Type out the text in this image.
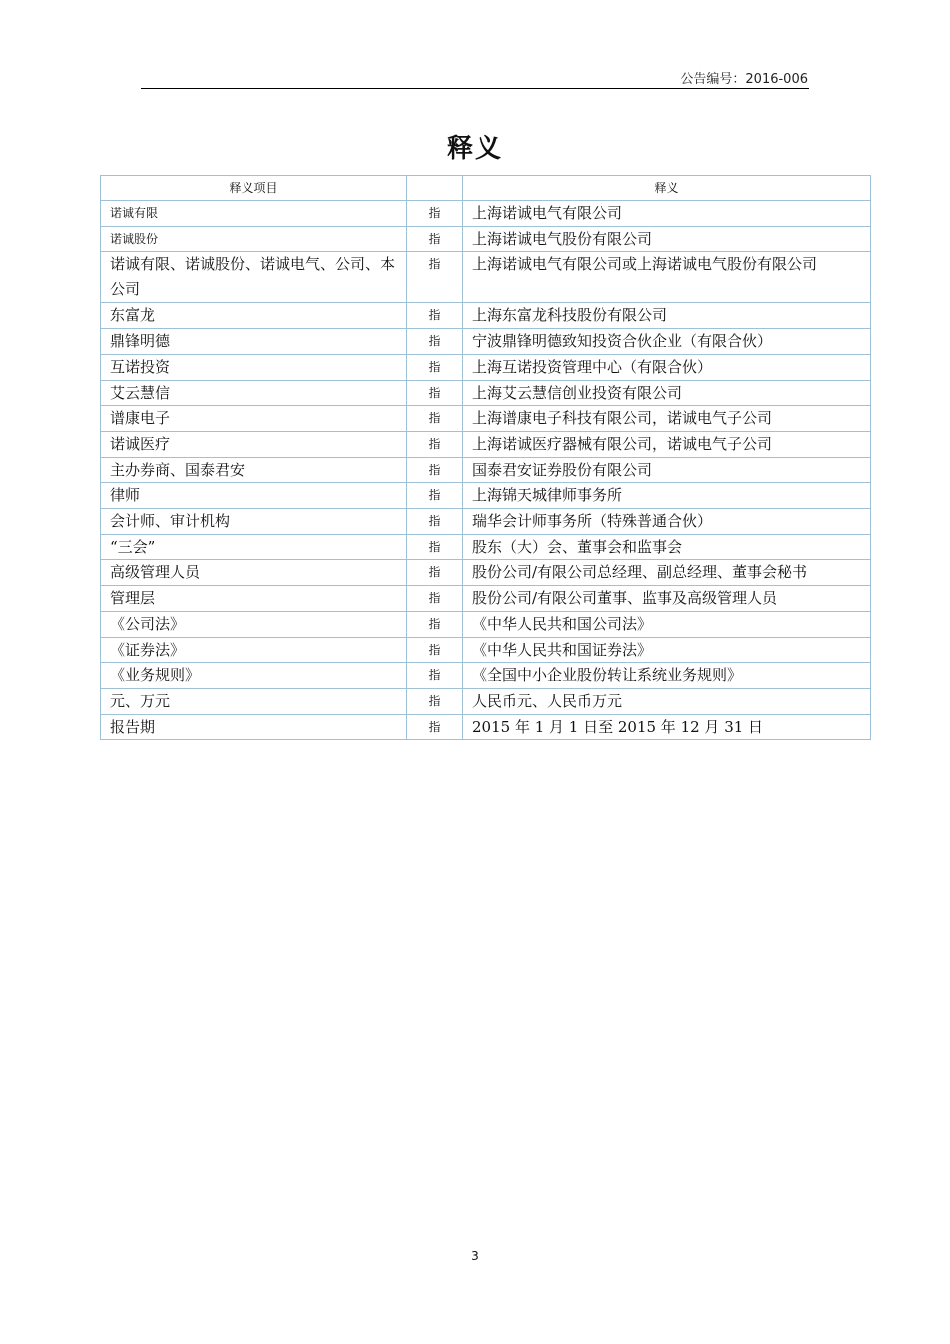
公告编号：2016-006
释义
释义项目		释义
诺诚有限	指	上海诺诚电气有限公司
诺诚股份	指	上海诺诚电气股份有限公司
诺诚有限、诺诚股份、诺诚电气、公司、本公司	指	上海诺诚电气有限公司或上海诺诚电气股份有限公司
东富龙	指	上海东富龙科技股份有限公司
鼎锋明德	指	宁波鼎锋明德致知投资合伙企业（有限合伙）
互诺投资	指	上海互诺投资管理中心（有限合伙）
艾云慧信	指	上海艾云慧信创业投资有限公司
谱康电子	指	上海谱康电子科技有限公司，诺诚电气子公司
诺诚医疗	指	上海诺诚医疗器械有限公司，诺诚电气子公司
主办券商、国泰君安	指	国泰君安证券股份有限公司
律师	指	上海锦天城律师事务所
会计师、审计机构	指	瑞华会计师事务所（特殊普通合伙）
“三会”	指	股东（大）会、董事会和监事会
高级管理人员	指	股份公司/有限公司总经理、副总经理、董事会秘书
管理层	指	股份公司/有限公司董事、监事及高级管理人员
《公司法》	指	《中华人民共和国公司法》
《证券法》	指	《中华人民共和国证券法》
《业务规则》	指	《全国中小企业股份转让系统业务规则》
元、万元	指	人民币元、人民币万元
报告期	指	2015 年 1 月 1 日至 2015 年 12 月 31 日
3
